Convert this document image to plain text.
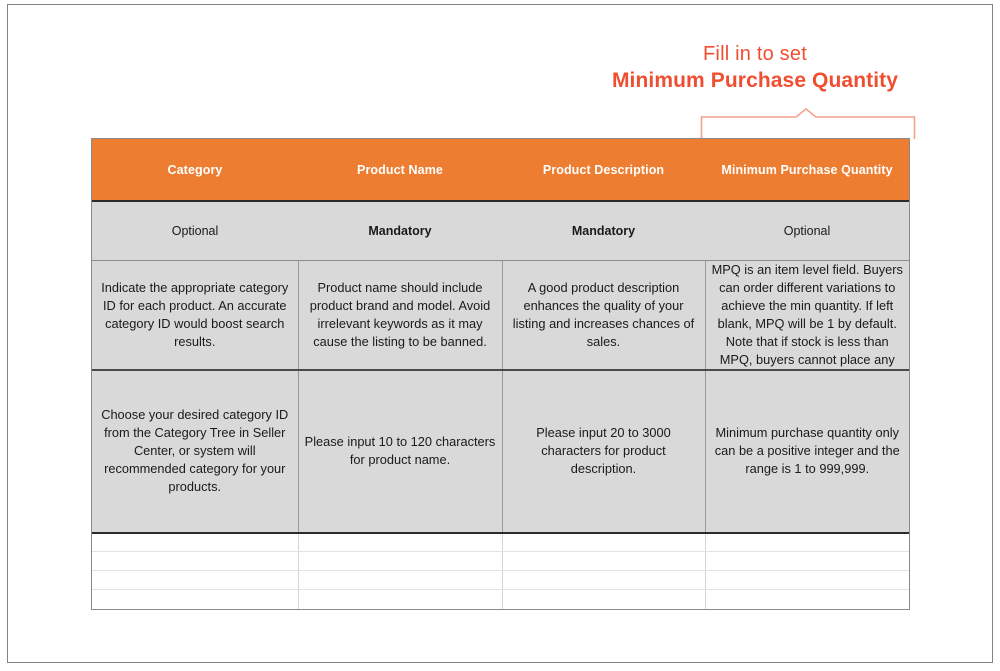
Fill in to set
Minimum Purchase Quantity
Category	Product Name	Product Description	Minimum Purchase Quantity
Optional	Mandatory	Mandatory	Optional

Indicate the appropriate category ID for each product. An accurate category ID would boost search results.	Product name should include product brand and model. Avoid irrelevant keywords as it may cause the listing to be banned.	A good product description enhances the quality of your listing and increases chances of sales.	MPQ is an item level field. Buyers can order different variations to achieve the min quantity. If left blank, MPQ will be 1 by default. Note that if stock is less than MPQ, buyers cannot place any

Choose your desired category ID from the Category Tree in Seller Center, or system will recommended category for your products.	Please input 10 to 120 characters for product name.	Please input 20 to 3000 characters for product description.	Minimum purchase quantity only can be a positive integer and the range is 1 to 999,999.
